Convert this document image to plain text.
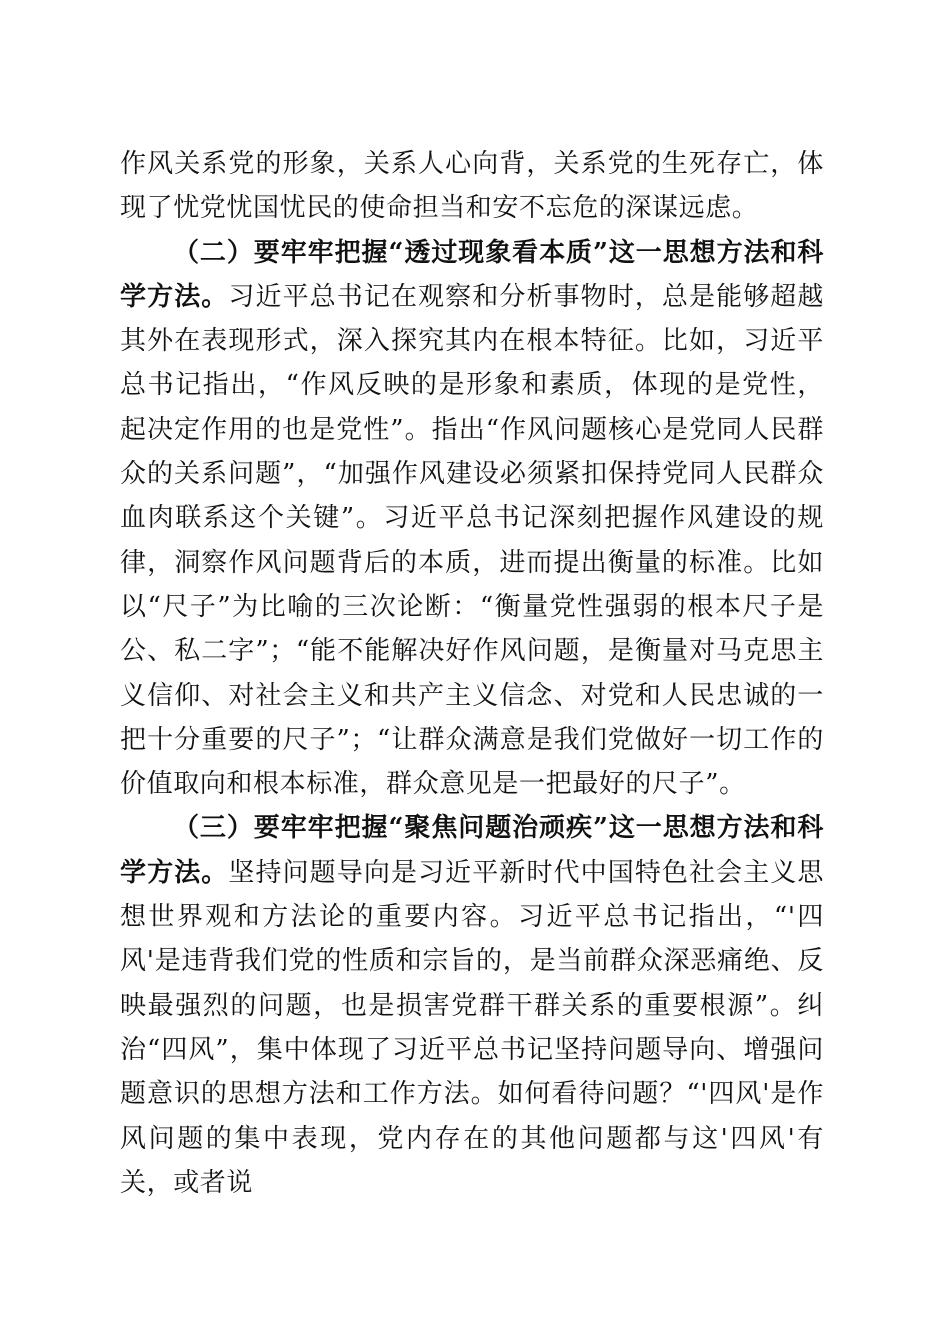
作风关系党的形象，关系人心向背，关系党的生死存亡，体现了忧党忧国忧民的使命担当和安不忘危的深谋远虑。

（二）要牢牢把握“透过现象看本质”这一思想方法和科学方法。习近平总书记在观察和分析事物时，总是能够超越其外在表现形式，深入探究其内在根本特征。比如，习近平总书记指出，“作风反映的是形象和素质，体现的是党性，起决定作用的也是党性”。指出“作风问题核心是党同人民群众的关系问题”，“加强作风建设必须紧扣保持党同人民群众血肉联系这个关键”。习近平总书记深刻把握作风建设的规律，洞察作风问题背后的本质，进而提出衡量的标准。比如以“尺子”为比喻的三次论断：“衡量党性强弱的根本尺子是公、私二字”；“能不能解决好作风问题，是衡量对马克思主义信仰、对社会主义和共产主义信念、对党和人民忠诚的一把十分重要的尺子”；“让群众满意是我们党做好一切工作的价值取向和根本标准，群众意见是一把最好的尺子”。

（三）要牢牢把握“聚焦问题治顽疾”这一思想方法和科学方法。坚持问题导向是习近平新时代中国特色社会主义思想世界观和方法论的重要内容。习近平总书记指出，“'四风'是违背我们党的性质和宗旨的，是当前群众深恶痛绝、反映最强烈的问题，也是损害党群干群关系的重要根源”。纠治“四风”，集中体现了习近平总书记坚持问题导向、增强问题意识的思想方法和工作方法。如何看待问题？“'四风'是作风问题的集中表现，党内存在的其他问题都与这'四风'有关，或者说
